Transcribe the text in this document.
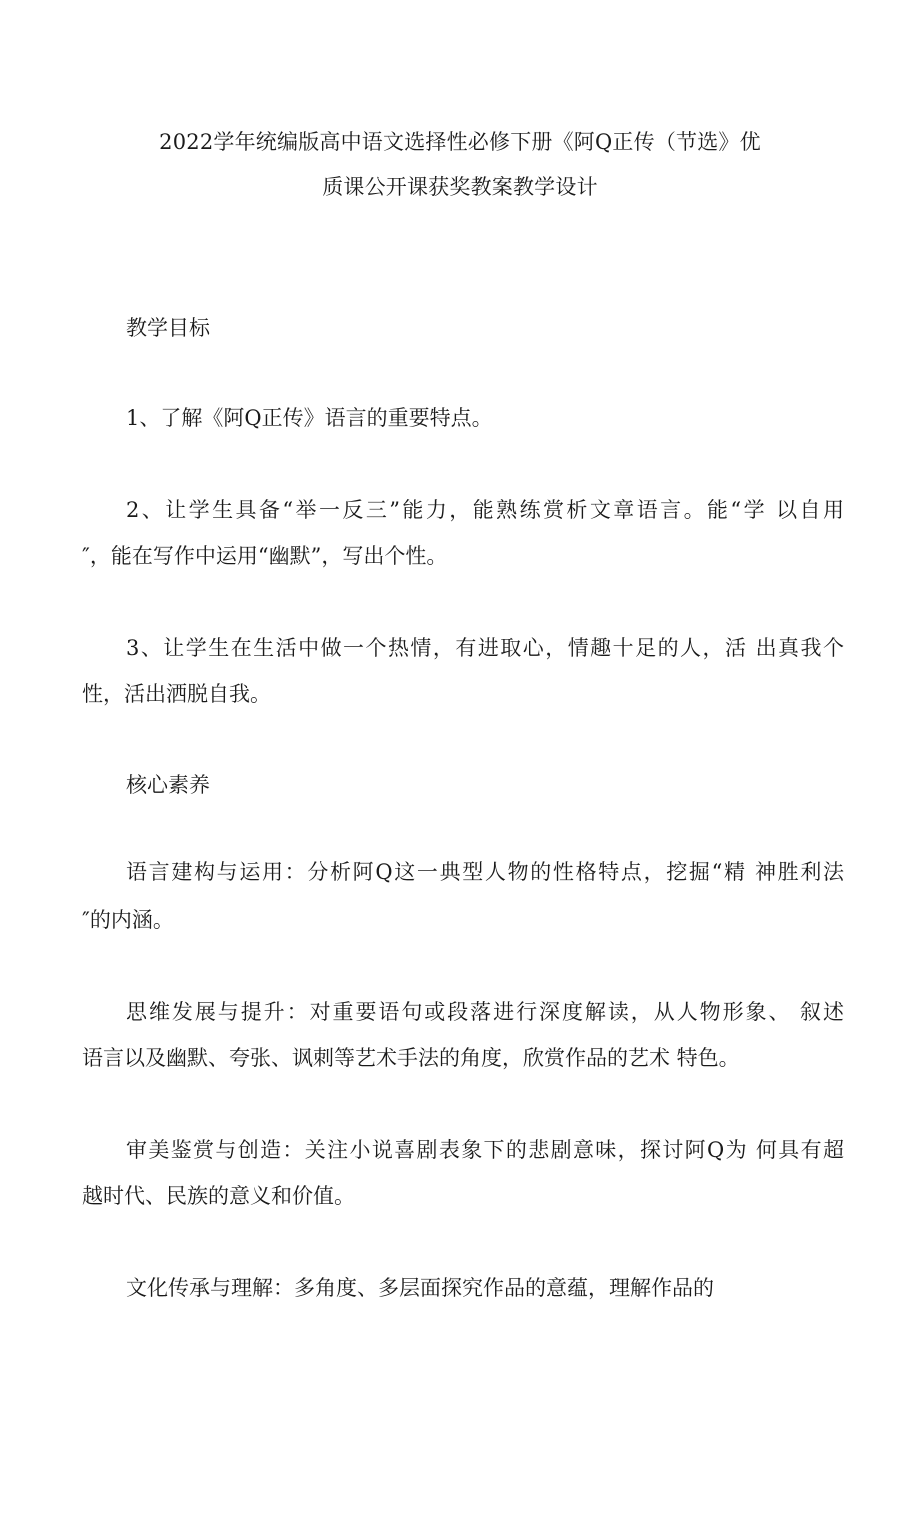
2022学年统编版高中语文选择性必修下册《阿Q正传（节选》优
质课公开课获奖教案教学设计
教学目标
1、了解《阿Q正传》语言的重要特点。
2、让学生具备“举一反三”能力，能熟练赏析文章语言。能“学 以自用
″，能在写作中运用“幽默”，写出个性。
3、让学生在生活中做一个热情，有进取心，情趣十足的人，活 出真我个
性，活出洒脱自我。
核心素养
语言建构与运用：分析阿Q这一典型人物的性格特点，挖掘“精 神胜利法
″的内涵。
思维发展与提升：对重要语句或段落进行深度解读，从人物形象、 叙述
语言以及幽默、夸张、讽刺等艺术手法的角度，欣赏作品的艺术 特色。
审美鉴赏与创造：关注小说喜剧表象下的悲剧意味，探讨阿Q为 何具有超
越时代、民族的意义和价值。
文化传承与理解：多角度、多层面探究作品的意蕴，理解作品的
